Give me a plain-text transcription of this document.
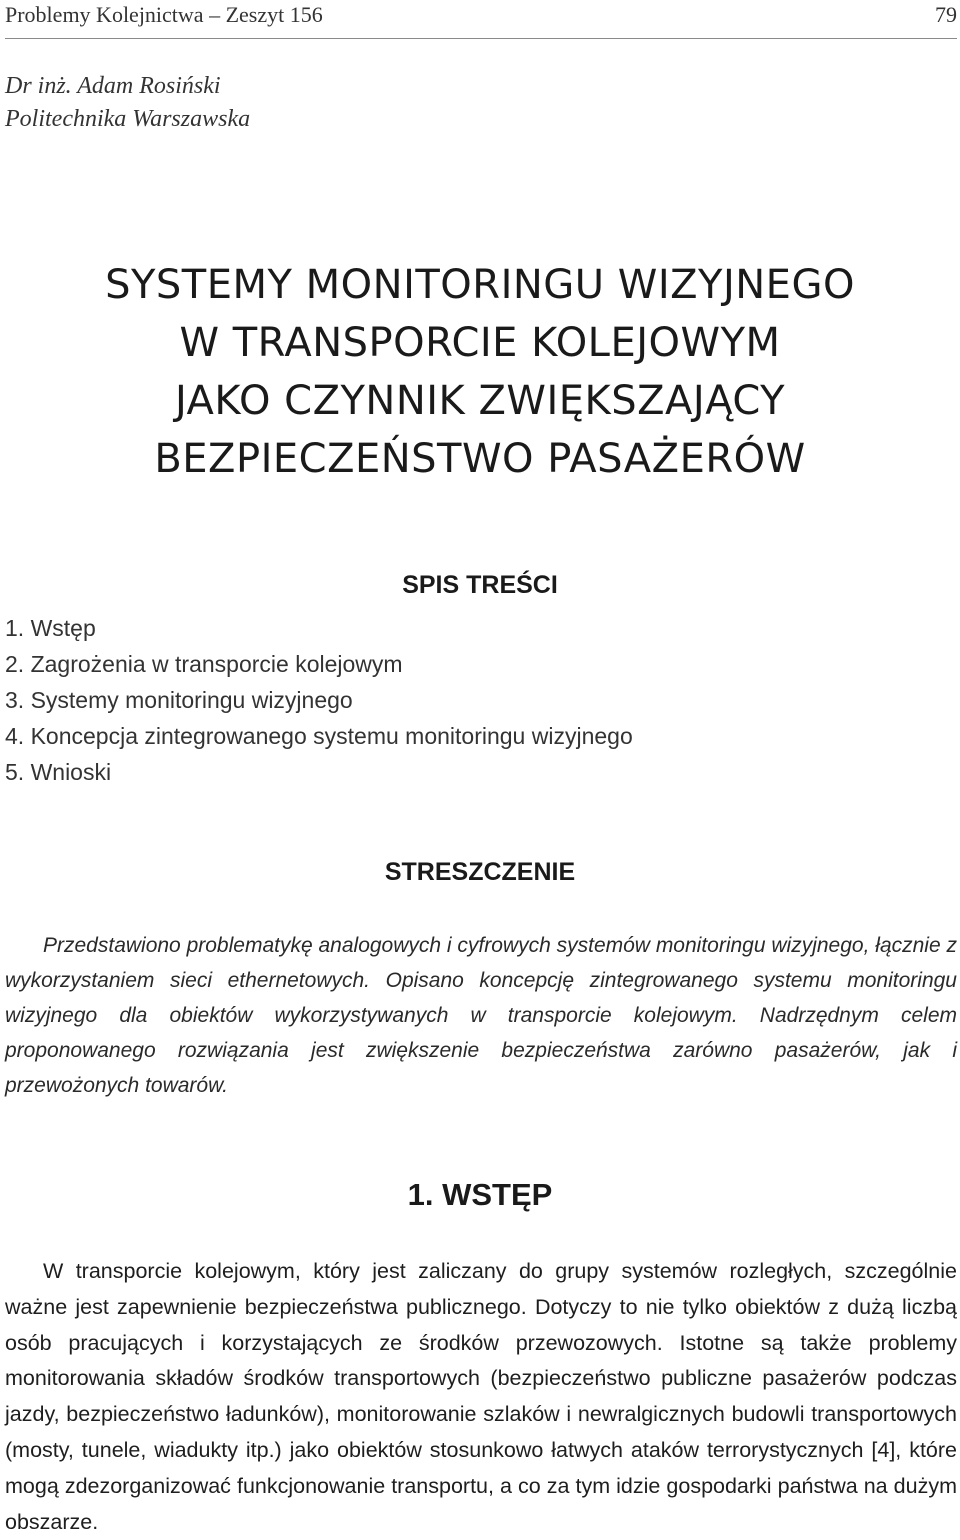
Problemy Kolejnictwa – Zeszyt 156	79
Dr inż. Adam Rosiński
Politechnika Warszawska
SYSTEMY MONITORINGU WIZYJNEGO
W TRANSPORCIE KOLEJOWYM
JAKO CZYNNIK ZWIĘKSZAJĄCY
BEZPIECZEŃSTWO PASAŻERÓW
SPIS TREŚCI
1. Wstęp
2. Zagrożenia w transporcie kolejowym
3. Systemy monitoringu wizyjnego
4. Koncepcja zintegrowanego systemu monitoringu wizyjnego
5. Wnioski
STRESZCZENIE

Przedstawiono problematykę analogowych i cyfrowych systemów monitoringu wizyjnego, łącznie z wykorzystaniem sieci ethernetowych. Opisano koncepcję zintegrowanego systemu monitoringu wizyjnego dla obiektów wykorzystywanych w transporcie kolejowym. Nadrzędnym celem proponowanego rozwiązania jest zwiększenie bezpieczeństwa zarówno pasażerów, jak i przewożonych towarów.

1. WSTĘP

W transporcie kolejowym, który jest zaliczany do grupy systemów rozległych, szczególnie ważne jest zapewnienie bezpieczeństwa publicznego. Dotyczy to nie tylko obiektów z dużą liczbą osób pracujących i korzystających ze środków przewozowych. Istotne są także problemy monitorowania składów środków transportowych (bezpieczeństwo publiczne pasażerów podczas jazdy, bezpieczeństwo ładunków), monitorowanie szlaków i newralgicznych budowli transportowych (mosty, tunele, wiadukty itp.) jako obiektów stosunkowo łatwych ataków terrorystycznych [4], które mogą zdezorganizować funkcjonowanie transportu, a co za tym idzie gospodarki państwa na dużym obszarze.
